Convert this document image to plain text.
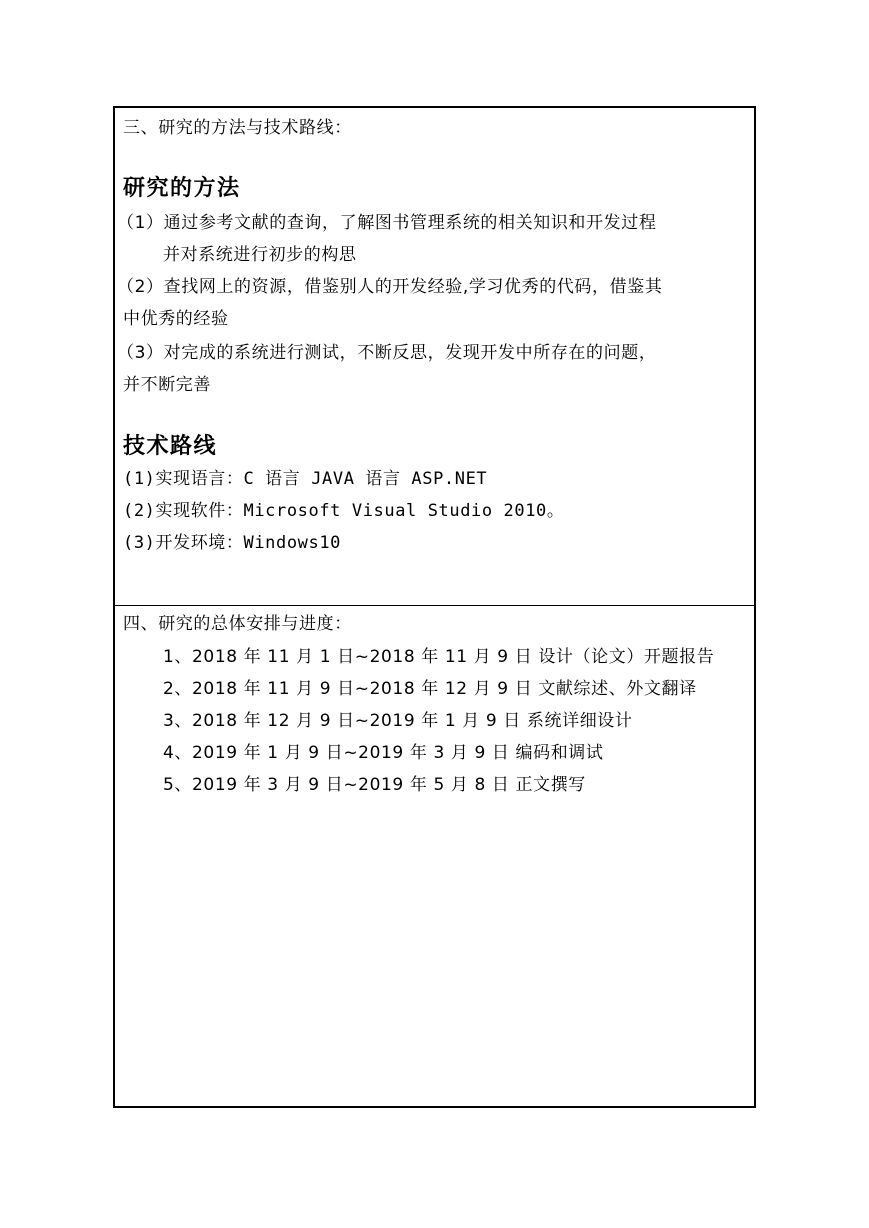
三、研究的方法与技术路线：
研究的方法
（1）通过参考文献的查询，了解图书管理系统的相关知识和开发过程
并对系统进行初步的构思
（2）查找网上的资源，借鉴别人的开发经验,学习优秀的代码，借鉴其
中优秀的经验
（3）对完成的系统进行测试，不断反思，发现开发中所存在的问题，
并不断完善
技术路线
(1)实现语言：C 语言 JAVA 语言 ASP.NET
(2)实现软件：Microsoft Visual Studio 2010。
(3)开发环境：Windows10
四、研究的总体安排与进度：
1、2018 年 11 月 1 日~2018 年 11 月 9 日 设计（论文）开题报告
2、2018 年 11 月 9 日~2018 年 12 月 9 日 文献综述、外文翻译
3、2018 年 12 月 9 日~2019 年 1 月 9 日 系统详细设计
4、2019 年 1 月 9 日~2019 年 3 月 9 日 编码和调试
5、2019 年 3 月 9 日~2019 年 5 月 8 日 正文撰写
